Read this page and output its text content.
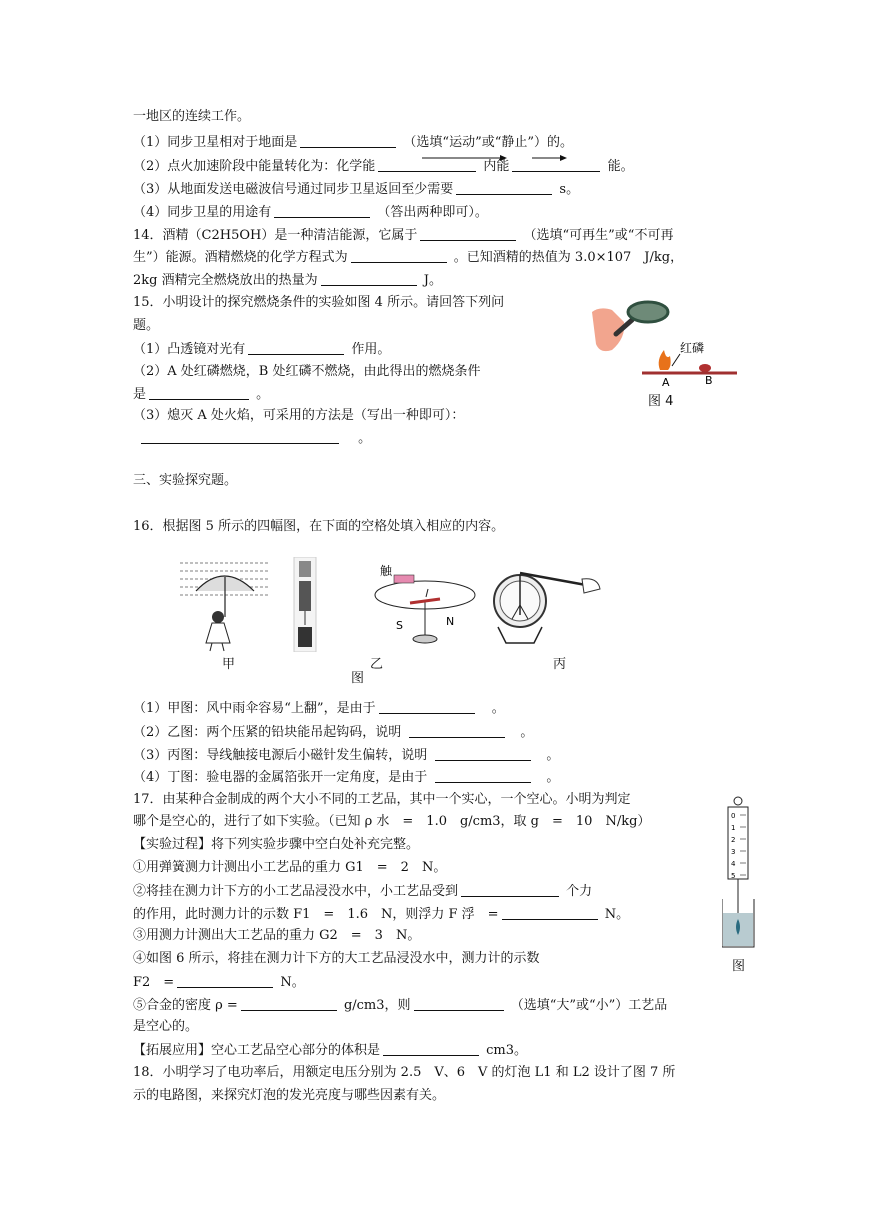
一地区的连续工作。
（1）同步卫星相对于地面是	（选填“运动”或“静止”）的。
（2）点火加速阶段中能量转化为：化学能	内能	能。
（3）从地面发送电磁波信号通过同步卫星返回至少需要	s。
（4）同步卫星的用途有	（答出两种即可）。
14．酒精（C2H5OH）是一种清洁能源，它属于	（选填“可再生”或“不可再
生”）能源。酒精燃烧的化学方程式为	。已知酒精的热值为 3.0×107　J/kg，
2kg 酒精完全燃烧放出的热量为	J。
15．小明设计的探究燃烧条件的实验如图 4 所示。请回答下列问
题。
（1）凸透镜对光有	作用。
（2）A 处红磷燃烧，B 处红磷不燃烧，由此得出的燃烧条件
是	。
（3）熄灭 A 处火焰，可采用的方法是（写出一种即可）：
。
三、实验探究题。
16．根据图 5 所示的四幅图，在下面的空格处填入相应的内容。
（1）甲图：风中雨伞容易“上翻”，是由于	。
（2）乙图：两个压紧的铅块能吊起钩码，说明	。
（3）丙图：导线触接电源后小磁针发生偏转，说明	。
（4）丁图：验电器的金属箔张开一定角度，是由于	。
17．由某种合金制成的两个大小不同的工艺品，其中一个实心，一个空心。小明为判定
哪个是空心的，进行了如下实验。（已知 ρ 水　=　1.0　g/cm3，取 g　=　10　N/kg）
【实验过程】将下列实验步骤中空白处补充完整。
①用弹簧测力计测出小工艺品的重力 G1　=　2　N。
②将挂在测力计下方的小工艺品浸没水中，小工艺品受到	个力
的作用，此时测力计的示数 F1　=　1.6　N，则浮力 F 浮　=	N。
③用测力计测出大工艺品的重力 G2　=　3　N。
④如图 6 所示，将挂在测力计下方的大工艺品浸没水中，测力计的示数
F2　=	N。
⑤合金的密度 ρ =	g/cm3，则	（选填“大”或“小”）工艺品
是空心的。
【拓展应用】空心工艺品空心部分的体积是	cm3。
18．小明学习了电功率后，用额定电压分别为 2.5　V、6　V 的灯泡 L1 和 L2 设计了图 7 所
示的电路图，来探究灯泡的发光亮度与哪些因素有关。
红磷
A	B
图 4
触
S	N
甲	乙
图
丙
0
1
2
3
4
5
图
